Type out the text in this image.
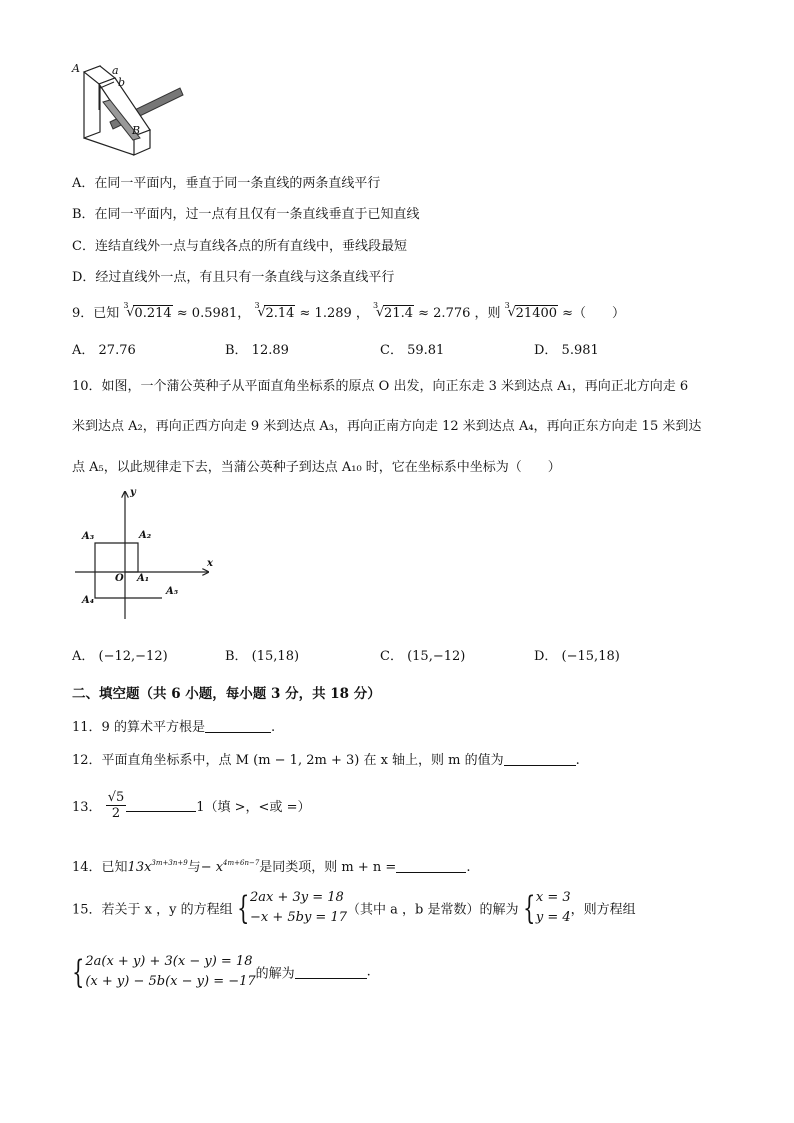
A	a
b
B
A．在同一平面内，垂直于同一条直线的两条直线平行
B．在同一平面内，过一点有且仅有一条直线垂直于已知直线
C．连结直线外一点与直线各点的所有直线中，垂线段最短
D．经过直线外一点，有且只有一条直线与这条直线平行
9．已知
3
√ 0.214 ≈ 0.5981，
3
√ 2.14 ≈ 1.289 ，
3
√ 21.4 ≈ 2.776 ，则
3
√ 21400 ≈（　　）
A． 27.76	B． 12.89	C． 59.81	D． 5.981
10．如图，一个蒲公英种子从平面直角坐标系的原点 O 出发，向正东走 3 米到达点 A₁，再向正北方向走 6
米到达点 A₂，再向正西方向走 9 米到达点 A₃，再向正南方向走 12 米到达点 A₄，再向正东方向走 15 米到达
点 A₅，以此规律走下去，当蒲公英种子到达点 A₁₀ 时，它在坐标系中坐标为（　　）
y
x
O A₁
A₂
A₃
A₄
A₅
A． (−12,−12)	B． (15,18)	C． (15,−12)	D． (−15,18)
二、填空题（共 6 小题，每小题 3 分，共 18 分）
11．9 的算术平方根是	.
12．平面直角坐标系中，点 M (m − 1, 2m + 3) 在 x 轴上，则 m 的值为	.
13． $\frac{√5}{2}$	1（填 >，<或 =）
14．已知$13x^{3m+3n+9}$与− $x^{4m+6n-7}$是同类项，则 m + n =	.
15．若关于 x ，y 的方程组 { 2ax + 3y = 18
−x + 5by = 17 （其中 a ，b 是常数）的解为 { x = 3
y = 4 ，则方程组
{ 2a(x + y) + 3(x − y) = 18
(x + y) − 5b(x − y) = −17 的解为	.
